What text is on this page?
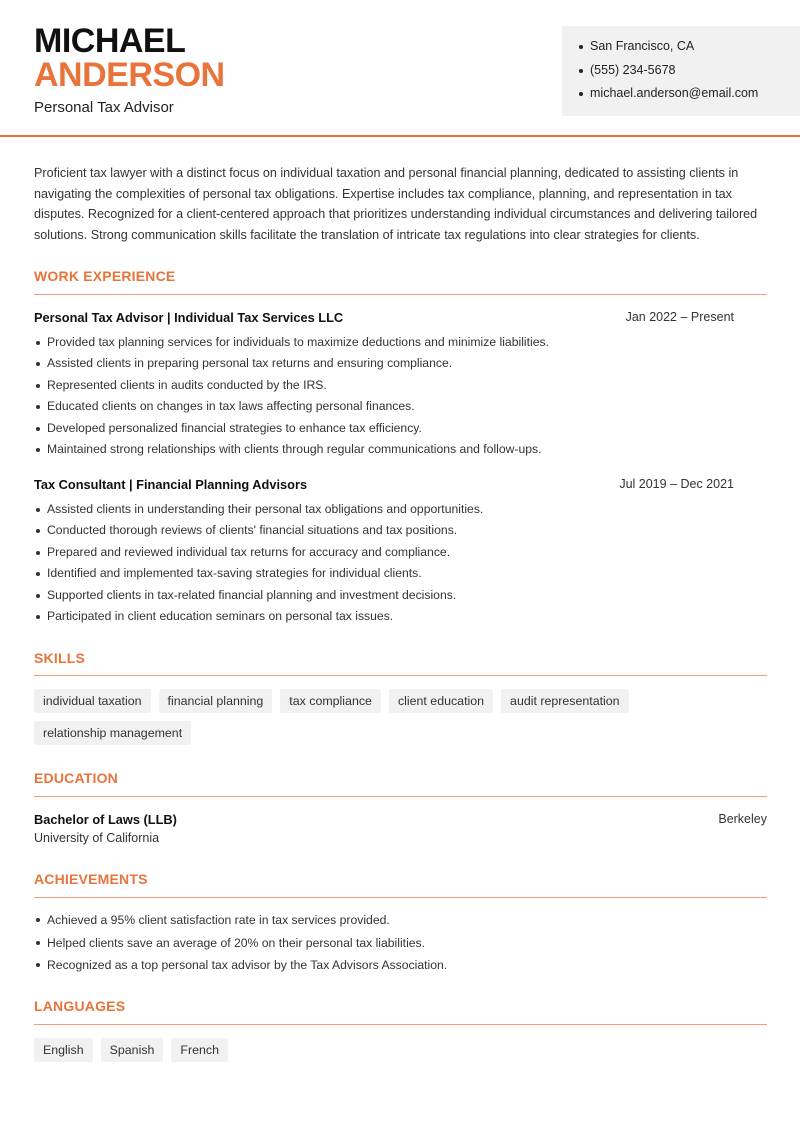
MICHAEL
ANDERSON
Personal Tax Advisor
San Francisco, CA
(555) 234-5678
michael.anderson@email.com

Proficient tax lawyer with a distinct focus on individual taxation and personal financial planning, dedicated to assisting clients in navigating the complexities of personal tax obligations. Expertise includes tax compliance, planning, and representation in tax disputes. Recognized for a client-centered approach that prioritizes understanding individual circumstances and delivering tailored solutions. Strong communication skills facilitate the translation of intricate tax regulations into clear strategies for clients.

WORK EXPERIENCE
Personal Tax Advisor | Individual Tax Services LLC	Jan 2022 – Present
Provided tax planning services for individuals to maximize deductions and minimize liabilities.
Assisted clients in preparing personal tax returns and ensuring compliance.
Represented clients in audits conducted by the IRS.
Educated clients on changes in tax laws affecting personal finances.
Developed personalized financial strategies to enhance tax efficiency.
Maintained strong relationships with clients through regular communications and follow-ups.
Tax Consultant | Financial Planning Advisors	Jul 2019 – Dec 2021
Assisted clients in understanding their personal tax obligations and opportunities.
Conducted thorough reviews of clients' financial situations and tax positions.
Prepared and reviewed individual tax returns for accuracy and compliance.
Identified and implemented tax-saving strategies for individual clients.
Supported clients in tax-related financial planning and investment decisions.
Participated in client education seminars on personal tax issues.
SKILLS
individual taxation	financial planning	tax compliance	client education	audit representation
relationship management
EDUCATION
Bachelor of Laws (LLB)	Berkeley
University of California
ACHIEVEMENTS
Achieved a 95% client satisfaction rate in tax services provided.
Helped clients save an average of 20% on their personal tax liabilities.
Recognized as a top personal tax advisor by the Tax Advisors Association.
LANGUAGES
English	Spanish	French
